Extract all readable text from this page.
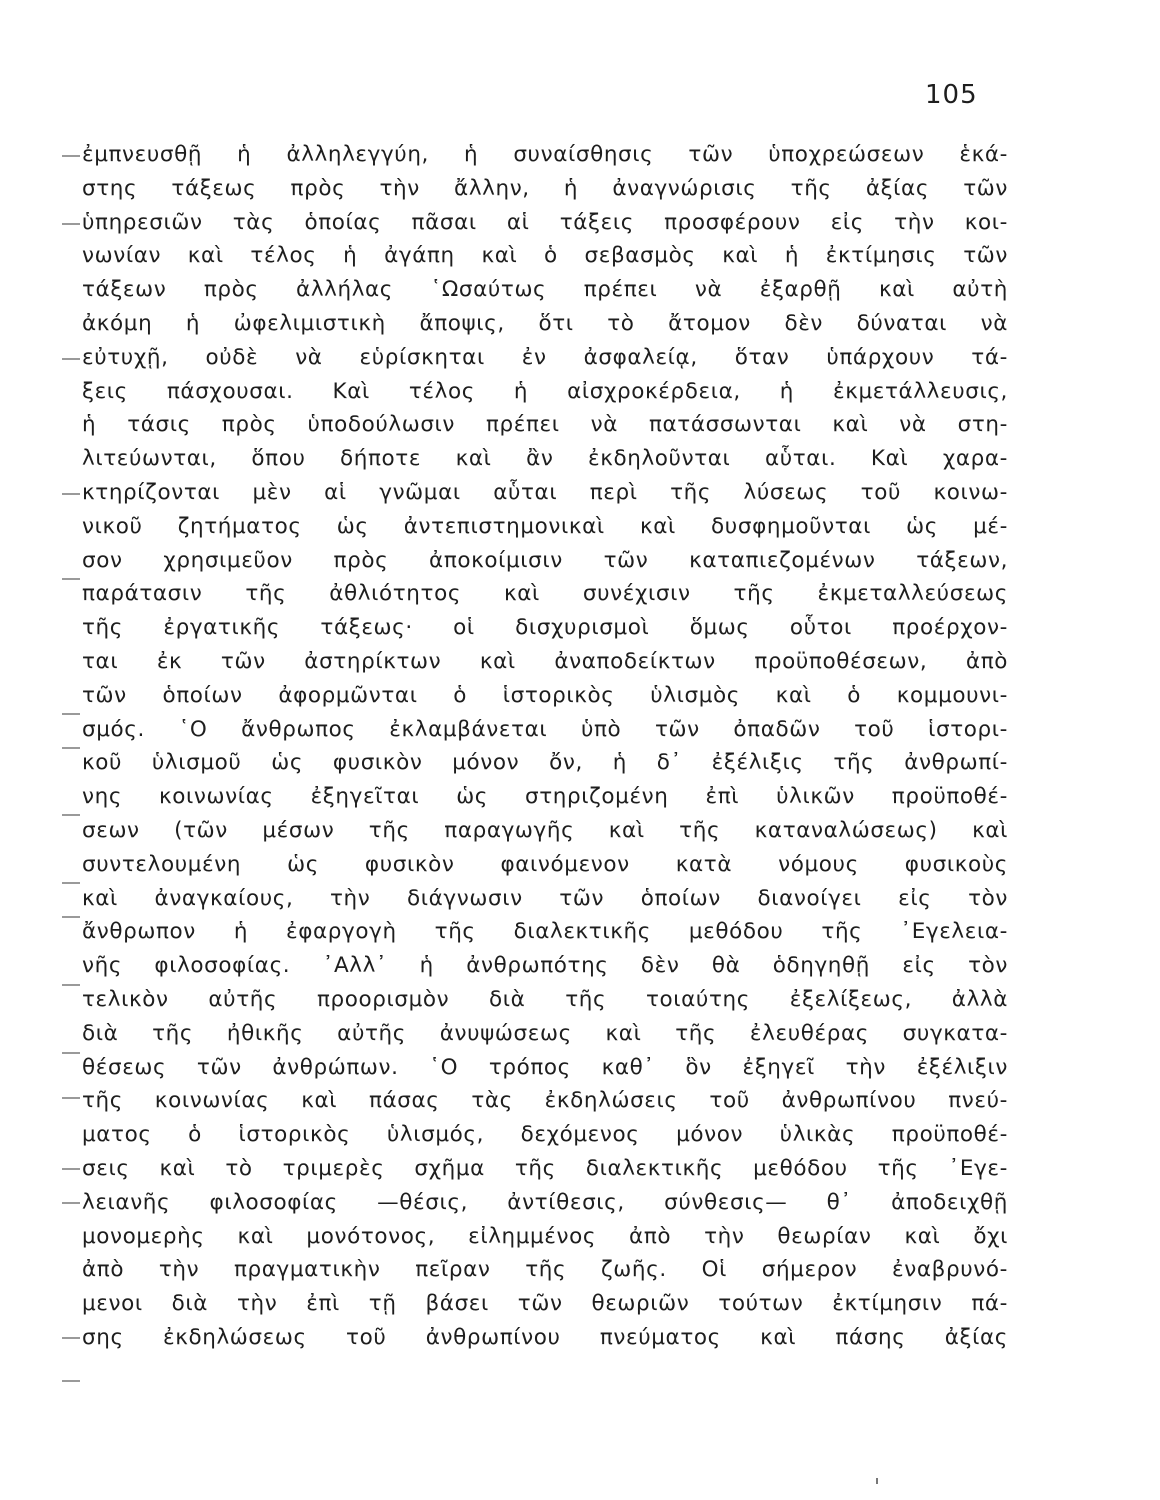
105
ἐμπνευσθῇ ἡ ἀλληλεγγύη, ἡ συναίσθησις τῶν ὑποχρεώσεων ἑκά-
στης τάξεως πρὸς τὴν ἄλλην, ἡ ἀναγνώρισις τῆς ἀξίας τῶν
ὑπηρεσιῶν τὰς ὁποίας πᾶσαι αἱ τάξεις προσφέρουν εἰς τὴν κοι-
νωνίαν καὶ τέλος ἡ ἀγάπη καὶ ὁ σεβασμὸς καὶ ἡ ἐκτίμησις τῶν
τάξεων πρὸς ἀλλήλας ῾Ωσαύτως πρέπει νὰ ἐξαρθῇ καὶ αὐτὴ
ἀκόμη ἡ ὠφελιμιστικὴ ἄποψις, ὅτι τὸ ἄτομον δὲν δύναται νὰ
εὐτυχῇ, οὐδὲ νὰ εὑρίσκηται ἐν ἀσφαλείᾳ, ὅταν ὑπάρχουν τά-
ξεις πάσχουσαι. Καὶ τέλος ἡ αἰσχροκέρδεια, ἡ ἐκμετάλλευσις,
ἡ τάσις πρὸς ὑποδούλωσιν πρέπει νὰ πατάσσωνται καὶ νὰ στη-
λιτεύωνται, ὅπου δήποτε καὶ ἂν ἐκδηλοῦνται αὗται. Καὶ χαρα-
κτηρίζονται μὲν αἱ γνῶμαι αὗται περὶ τῆς λύσεως τοῦ κοινω-
νικοῦ ζητήματος ὡς ἀντεπιστημονικαὶ καὶ δυσφημοῦνται ὡς μέ-
σον χρησιμεῦον πρὸς ἀποκοίμισιν τῶν καταπιεζομένων τάξεων,
παράτασιν τῆς ἀθλιότητος καὶ συνέχισιν τῆς ἐκμεταλλεύσεως
τῆς ἐργατικῆς τάξεως· οἱ δισχυρισμοὶ ὅμως οὗτοι προέρχον-
ται ἐκ τῶν ἀστηρίκτων καὶ ἀναποδείκτων προϋποθέσεων, ἀπὸ
τῶν ὁποίων ἀφορμῶνται ὁ ἱστορικὸς ὑλισμὸς καὶ ὁ κομμουνι-
σμός. ῾Ο ἄνθρωπος ἐκλαμβάνεται ὑπὸ τῶν ὀπαδῶν τοῦ ἱστορι-
κοῦ ὑλισμοῦ ὡς φυσικὸν μόνον ὄν, ἡ δ᾽ ἐξέλιξις τῆς ἀνθρωπί-
νης κοινωνίας ἐξηγεῖται ὡς στηριζομένη ἐπὶ ὑλικῶν προϋποθέ-
σεων (τῶν μέσων τῆς παραγωγῆς καὶ τῆς καταναλώσεως) καὶ
συντελουμένη ὡς φυσικὸν φαινόμενον κατὰ νόμους φυσικοὺς
καὶ ἀναγκαίους, τὴν διάγνωσιν τῶν ὁποίων διανοίγει εἰς τὸν
ἄνθρωπον ἡ ἐφαργογὴ τῆς διαλεκτικῆς μεθόδου τῆς ᾽Εγελεια-
νῆς φιλοσοφίας. ᾽Αλλ᾽ ἡ ἀνθρωπότης δὲν θὰ ὁδηγηθῇ εἰς τὸν
τελικὸν αὐτῆς προορισμὸν διὰ τῆς τοιαύτης ἐξελίξεως, ἀλλὰ
διὰ τῆς ἠθικῆς αὐτῆς ἀνυψώσεως καὶ τῆς ἐλευθέρας συγκατα-
θέσεως τῶν ἀνθρώπων. ῾Ο τρόπος καθ᾽ ὃν ἐξηγεῖ τὴν ἐξέλιξιν
τῆς κοινωνίας καὶ πάσας τὰς ἐκδηλώσεις τοῦ ἀνθρωπίνου πνεύ-
ματος ὁ ἱστορικὸς ὑλισμός, δεχόμενος μόνον ὑλικὰς προϋποθέ-
σεις καὶ τὸ τριμερὲς σχῆμα τῆς διαλεκτικῆς μεθόδου τῆς ᾽Εγε-
λειανῆς φιλοσοφίας —θέσις, ἀντίθεσις, σύνθεσις— θ᾽ ἀποδειχθῇ
μονομερὴς καὶ μονότονος, εἰλημμένος ἀπὸ τὴν θεωρίαν καὶ ὄχι
ἀπὸ τὴν πραγματικὴν πεῖραν τῆς ζωῆς. Οἱ σήμερον ἐναβρυνό-
μενοι διὰ τὴν ἐπὶ τῇ βάσει τῶν θεωριῶν τούτων ἐκτίμησιν πά-
σης ἐκδηλώσεως τοῦ ἀνθρωπίνου πνεύματος καὶ πάσης ἀξίας
